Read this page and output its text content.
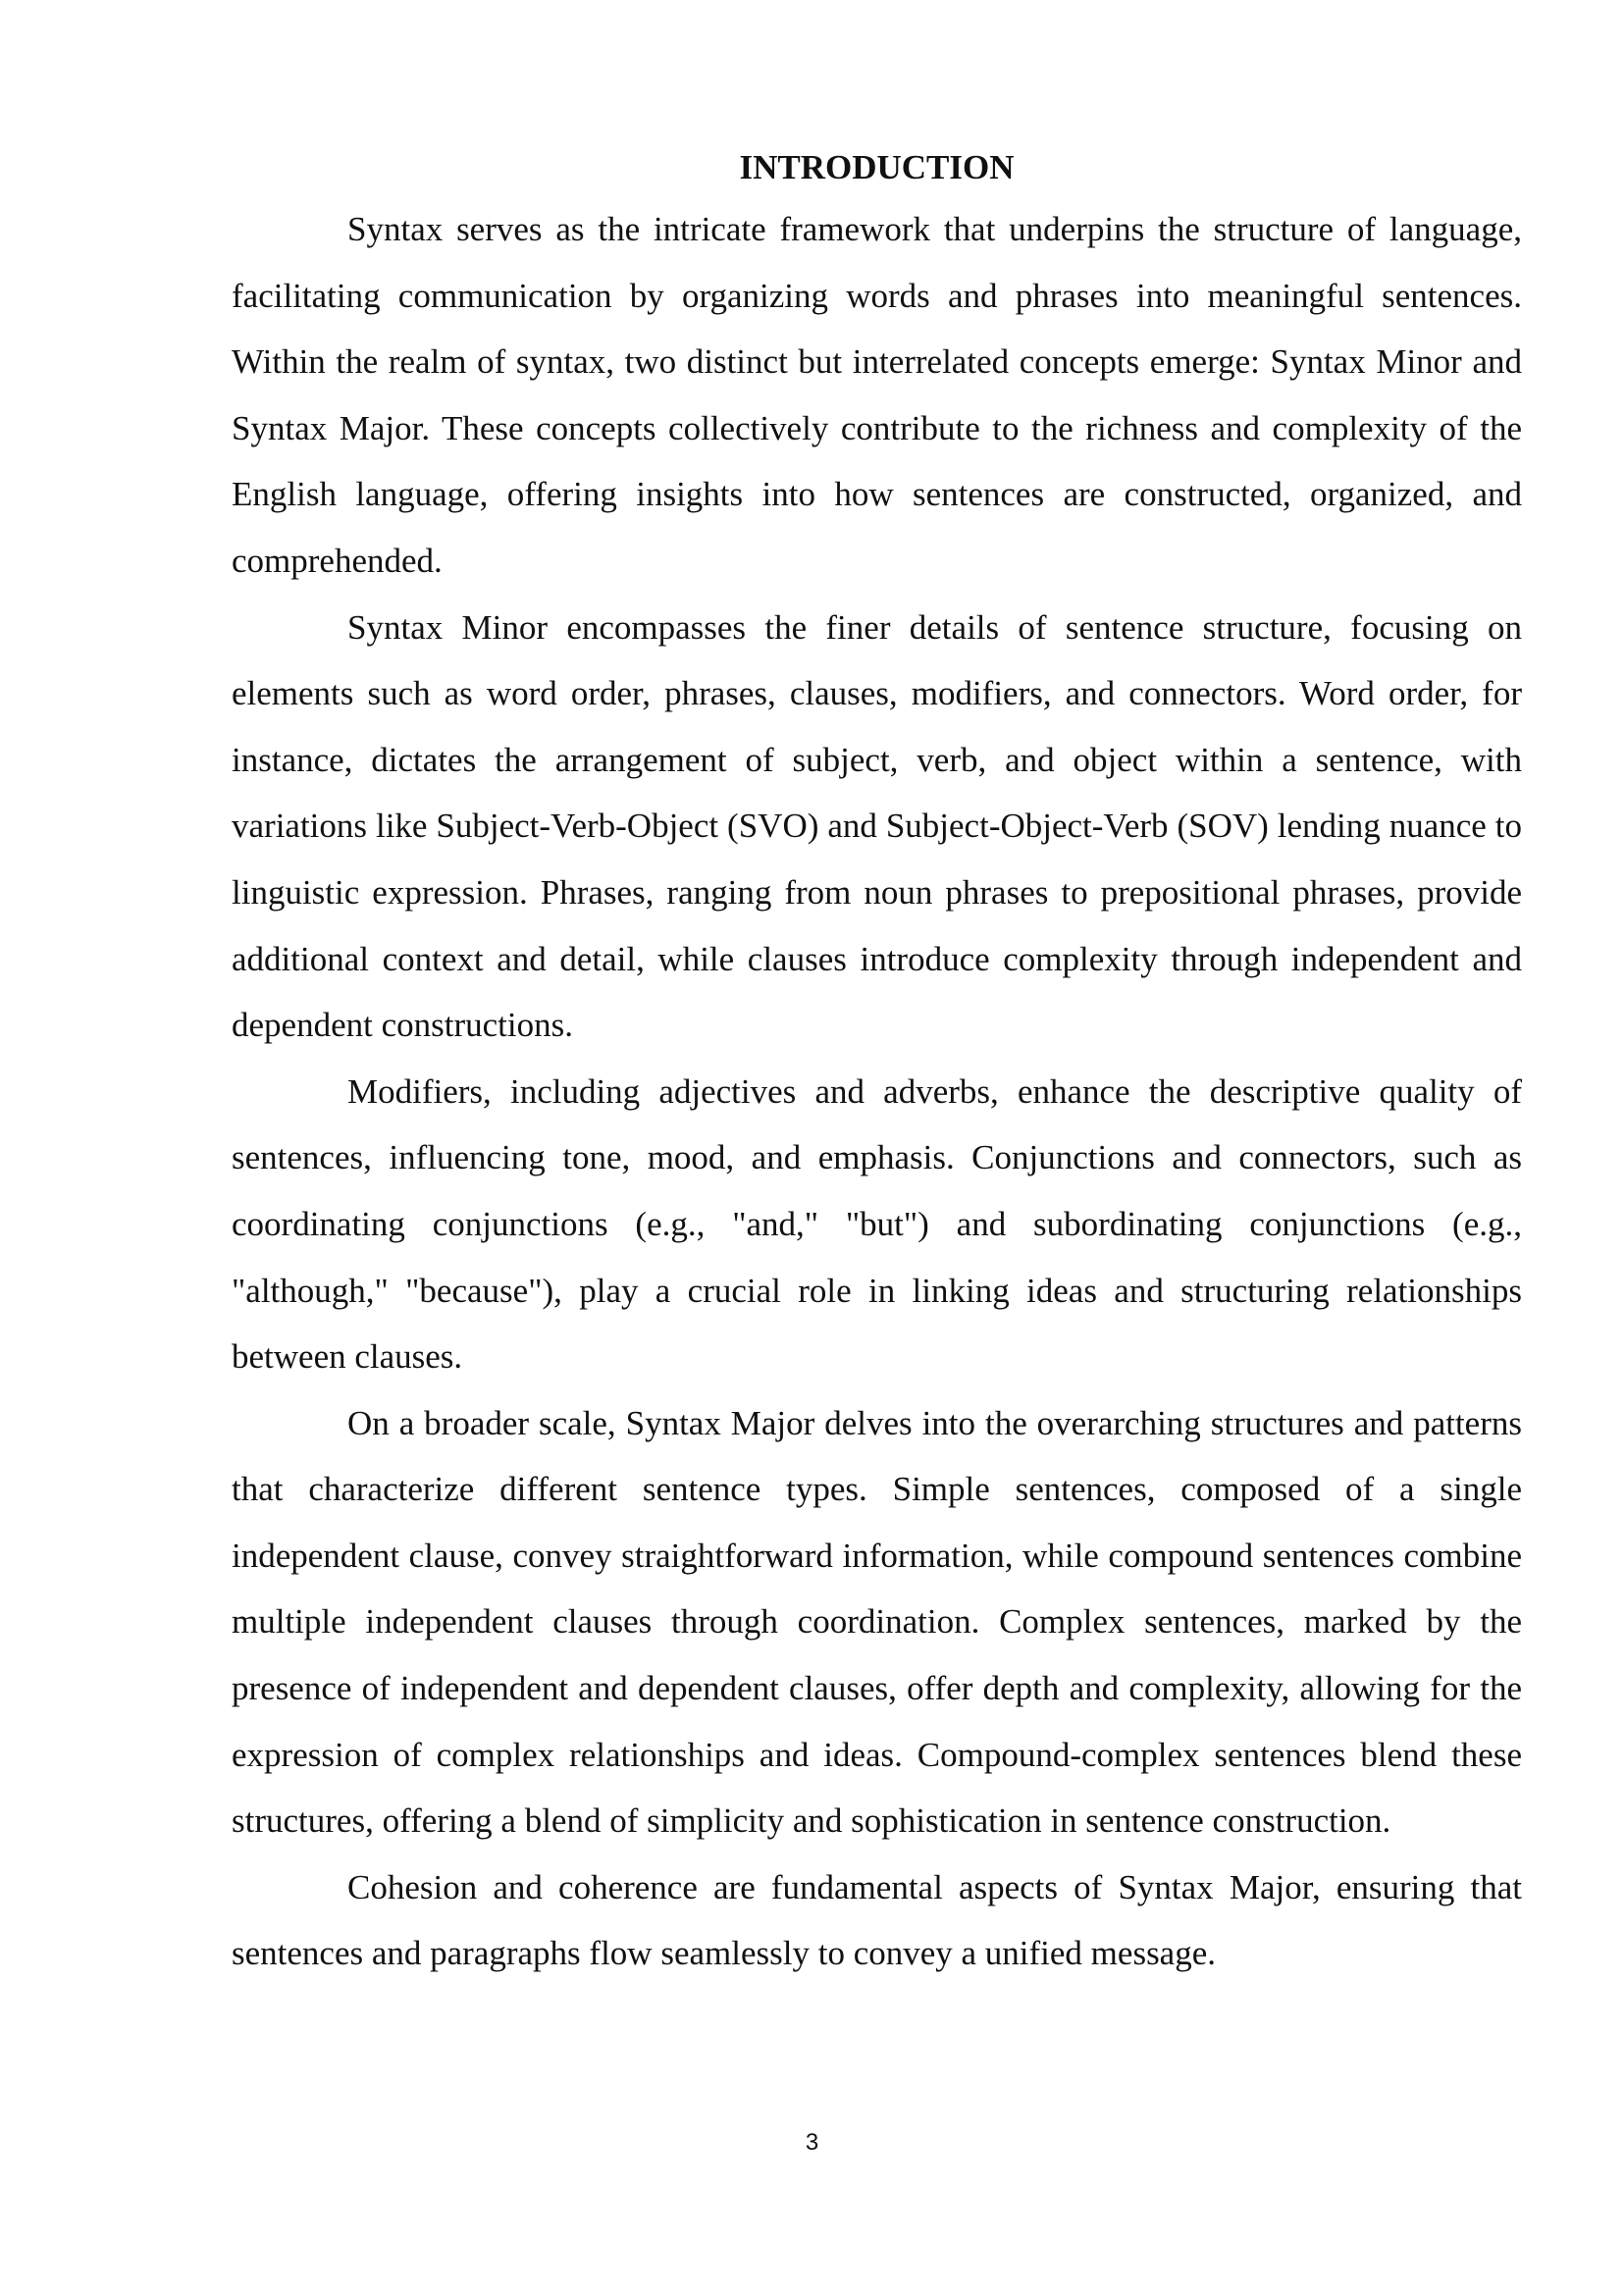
INTRODUCTION

Syntax serves as the intricate framework that underpins the structure of language, facilitating communication by organizing words and phrases into meaningful sentences. Within the realm of syntax, two distinct but interrelated concepts emerge: Syntax Minor and Syntax Major. These concepts collectively contribute to the richness and complexity of the English language, offering insights into how sentences are constructed, organized, and comprehended.

Syntax Minor encompasses the finer details of sentence structure, focusing on elements such as word order, phrases, clauses, modifiers, and connectors. Word order, for instance, dictates the arrangement of subject, verb, and object within a sentence, with variations like Subject-Verb-Object (SVO) and Subject-Object-Verb (SOV) lending nuance to linguistic expression. Phrases, ranging from noun phrases to prepositional phrases, provide additional context and detail, while clauses introduce complexity through independent and dependent constructions.

Modifiers, including adjectives and adverbs, enhance the descriptive quality of sentences, influencing tone, mood, and emphasis. Conjunctions and connectors, such as coordinating conjunctions (e.g., "and," "but") and subordinating conjunctions (e.g., "although," "because"), play a crucial role in linking ideas and structuring relationships between clauses.

On a broader scale, Syntax Major delves into the overarching structures and patterns that characterize different sentence types. Simple sentences, composed of a single independent clause, convey straightforward information, while compound sentences combine multiple independent clauses through coordination. Complex sentences, marked by the presence of independent and dependent clauses, offer depth and complexity, allowing for the expression of complex relationships and ideas. Compound-complex sentences blend these structures, offering a blend of simplicity and sophistication in sentence construction.

Cohesion and coherence are fundamental aspects of Syntax Major, ensuring that sentences and paragraphs flow seamlessly to convey a unified message.

3
